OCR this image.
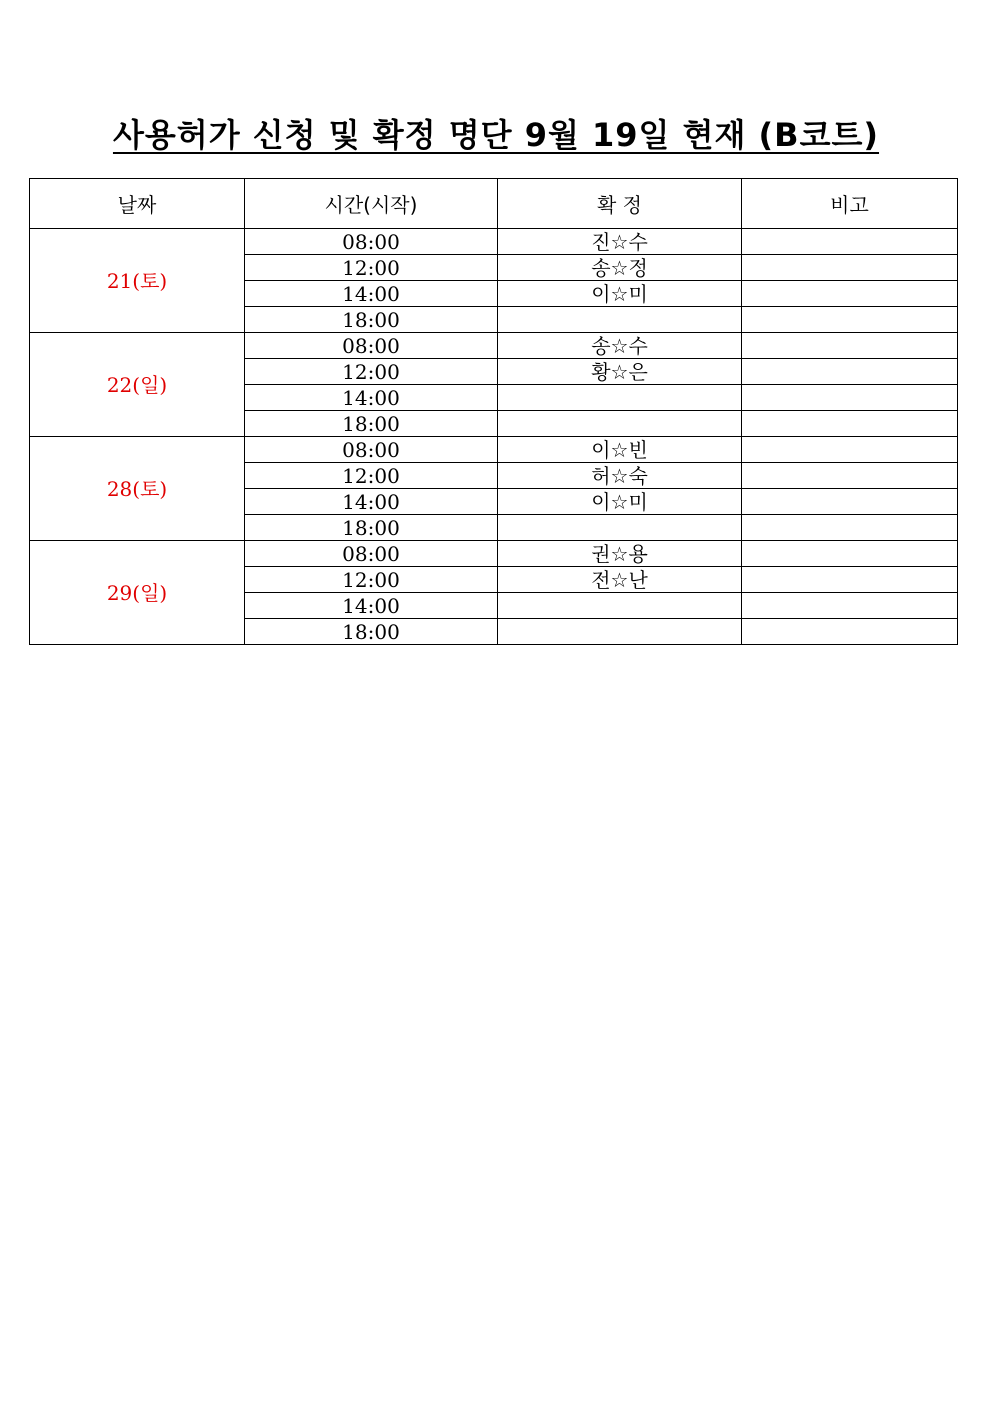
사용허가 신청 및 확정 명단 9월 19일 현재 (B코트)
날짜	시간(시작)	확 정	비고
21(토)	08:00	진☆수	
	12:00	송☆정	
	14:00	이☆미	
	18:00		
22(일)	08:00	송☆수	
	12:00	황☆은	
	14:00		
	18:00		
28(토)	08:00	이☆빈	
	12:00	허☆숙	
	14:00	이☆미	
	18:00		
29(일)	08:00	권☆용	
	12:00	전☆난	
	14:00		
	18:00		
